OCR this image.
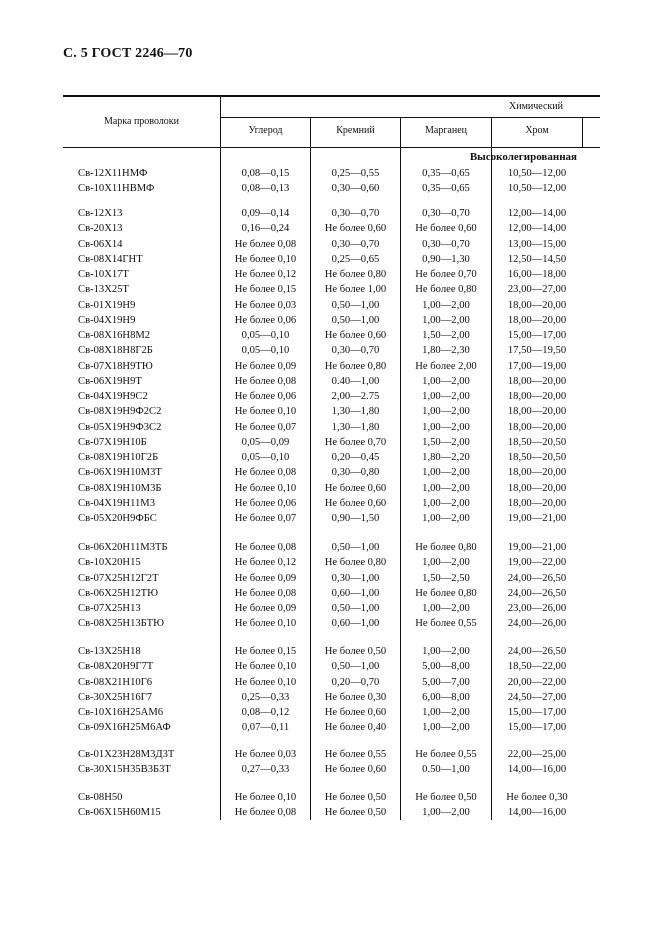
С. 5 ГОСТ 2246—70
Марка проволоки
Химический
Углерод	Кремний	Марганец	Хром
Высоколегированная
Св-12Х11НМФ	0,08—0,15	0,25—0,55	0,35—0,65	10,50—12,00
Св-10Х11НВМФ	0,08—0,13	0,30—0,60	0,35—0,65	10,50—12,00
Св-12Х13	0,09—0,14	0,30—0,70	0,30—0,70	12,00—14,00
Св-20Х13	0,16—0,24	Не более 0,60	Не более 0,60	12,00—14,00
Св-06Х14	Не более 0,08	0,30—0,70	0,30—0,70	13,00—15,00
Св-08Х14ГНТ	Не более 0,10	0,25—0,65	0,90—1,30	12,50—14,50
Св-10Х17Т	Не более 0,12	Не более 0,80	Не более 0,70	16,00—18,00
Св-13Х25Т	Не более 0,15	Не более 1,00	Не более 0,80	23,00—27,00
Св-01Х19Н9	Не более 0,03	0,50—1,00	1,00—2,00	18,00—20,00
Св-04Х19Н9	Не более 0,06	0,50—1,00	1,00—2,00	18,00—20,00
Св-08Х16Н8М2	0,05—0,10	Не более 0,60	1,50—2,00	15,00—17,00
Св-08Х18Н8Г2Б	0,05—0,10	0,30—0,70	1,80—2,30	17,50—19,50
Св-07Х18Н9ТЮ	Не более 0,09	Не более 0,80	Не более 2,00	17,00—19,00
Св-06Х19Н9Т	Не более 0,08	0.40—1,00	1,00—2,00	18,00—20,00
Св-04Х19Н9С2	Не более 0,06	2,00—2.75	1,00—2,00	18,00—20,00
Св-08Х19Н9Ф2С2	Не более 0,10	1,30—1,80	1,00—2,00	18,00—20,00
Св-05Х19Н9Ф3С2	Не более 0,07	1,30—1,80	1,00—2,00	18,00—20,00
Св-07Х19Н10Б	0,05—0,09	Не более 0,70	1,50—2,00	18,50—20,50
Св-08Х19Н10Г2Б	0,05—0,10	0,20—0,45	1,80—2,20	18,50—20,50
Св-06Х19Н10М3Т	Не более 0,08	0,30—0,80	1,00—2,00	18,00—20,00
Св-08Х19Н10М3Б	Не более 0,10	Не более 0,60	1,00—2,00	18,00—20,00
Св-04Х19Н11М3	Не более 0,06	Не более 0,60	1,00—2,00	18,00—20,00
Св-05Х20Н9ФБС	Не более 0,07	0,90—1,50	1,00—2,00	19,00—21,00
Св-06Х20Н11М3ТБ	Не более 0,08	0,50—1,00	Не более 0,80	19,00—21,00
Св-10Х20Н15	Не более 0,12	Не более 0,80	1,00—2,00	19,00—22,00
Св-07Х25Н12Г2Т	Не более 0,09	0,30—1,00	1,50—2,50	24,00—26,50
Св-06Х25Н12ТЮ	Не более 0,08	0,60—1,00	Не более 0,80	24,00—26,50
Св-07Х25Н13	Не более 0,09	0,50—1,00	1,00—2,00	23,00—26,00
Св-08Х25Н13БТЮ	Не более 0,10	0,60—1,00	Не более 0,55	24,00—26,00
Св-13Х25Н18	Не более 0,15	Не более 0,50	1,00—2,00	24,00—26,50
Св-08Х20Н9Г7Т	Не более 0,10	0,50—1,00	5,00—8,00	18,50—22,00
Св-08Х21Н10Г6	Не более 0,10	0,20—0,70	5,00—7,00	20,00—22,00
Св-30Х25Н16Г7	0,25—0,33	Не более 0,30	6,00—8,00	24,50—27,00
Св-10Х16Н25АМ6	0,08—0,12	Не более 0,60	1,00—2,00	15,00—17,00
Св-09Х16Н25М6АФ	0,07—0,11	Не более 0,40	1,00—2,00	15,00—17,00
Св-01Х23Н28М3Д3Т	Не более 0,03	Не более 0,55	Не более 0,55	22,00—25,00
Св-30Х15Н35В3Б3Т	0,27—0,33	Не более 0,60	0.50—1,00	14,00—16,00
Св-08Н50	Не более 0,10	Не более 0,50	Не более 0,50	Не более 0,30
Св-06Х15Н60М15	Не более 0,08	Не более 0,50	1,00—2,00	14,00—16,00
